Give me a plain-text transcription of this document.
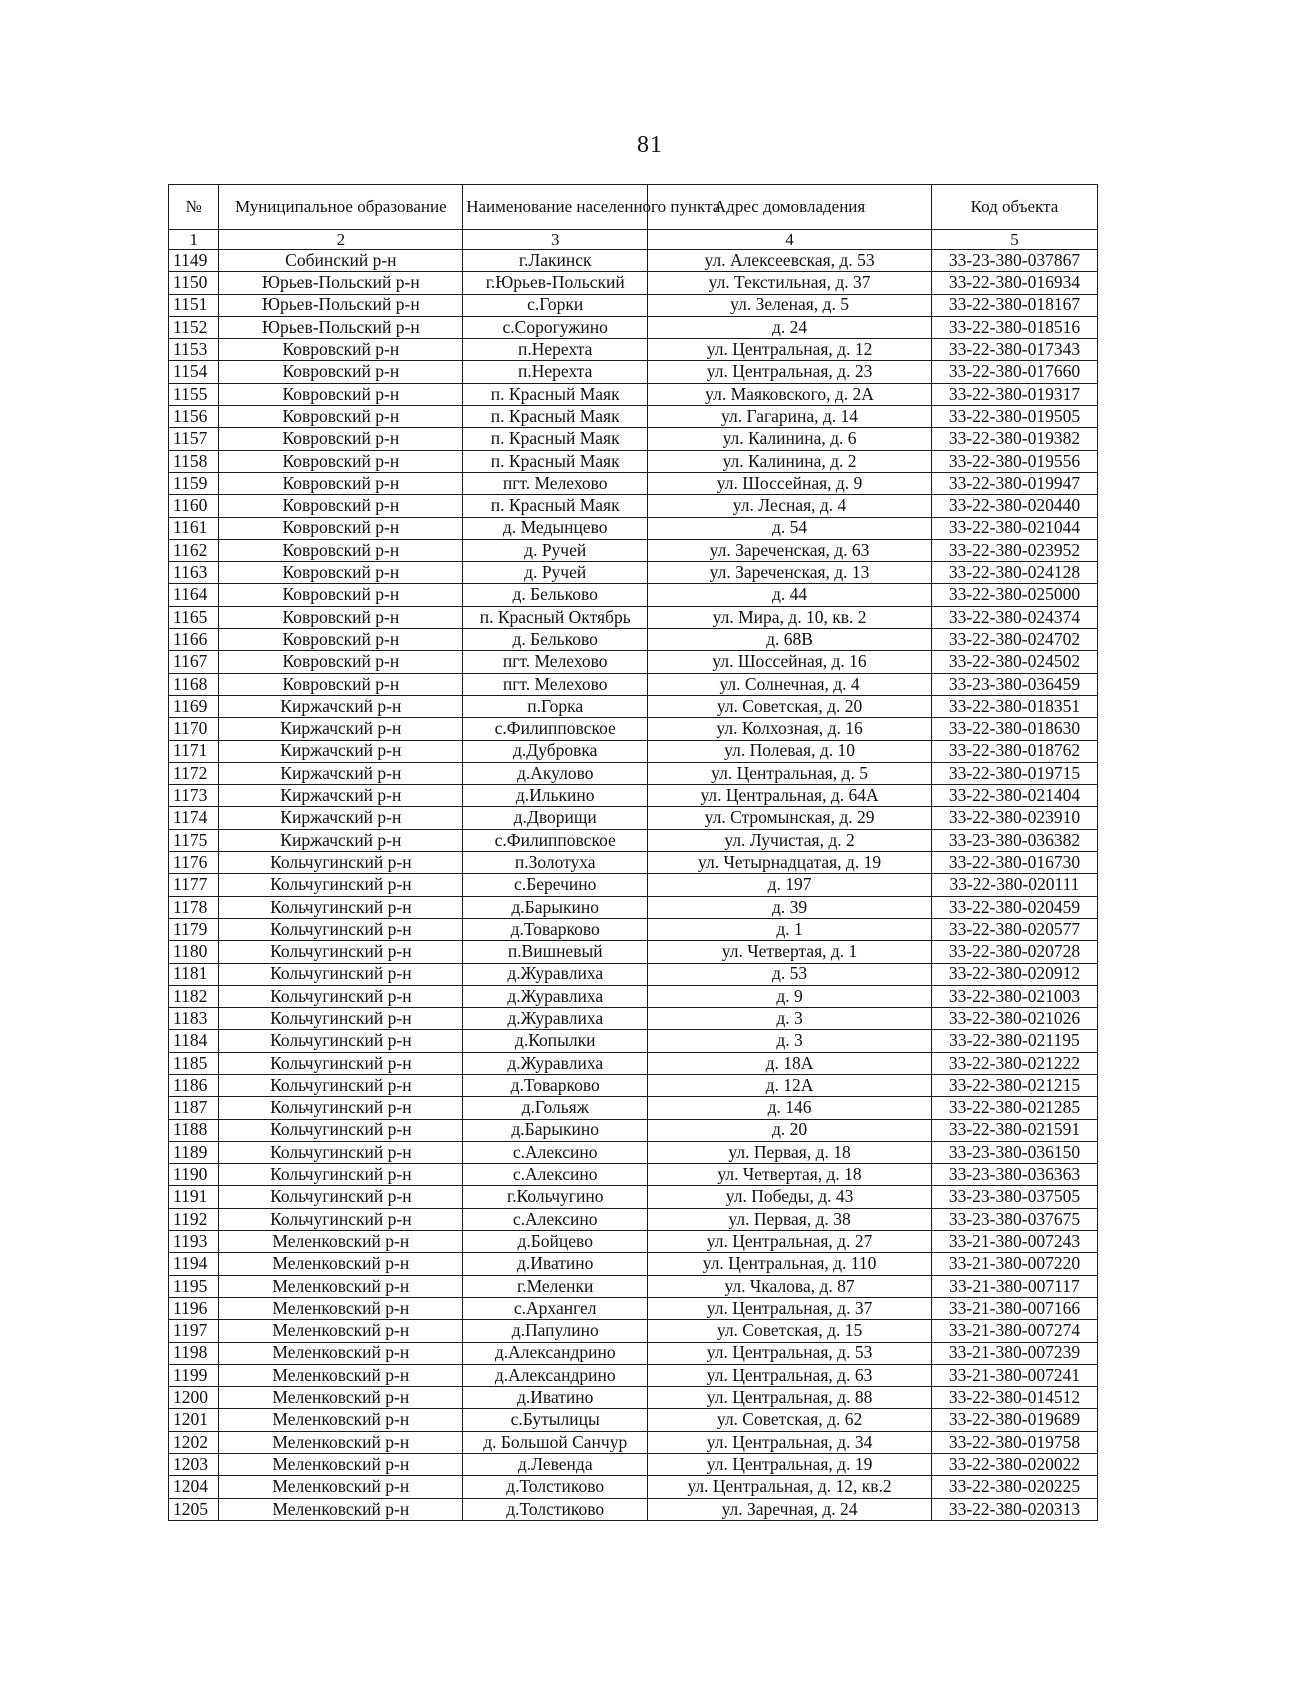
81
№	Муниципальное образование	Наименование населенного пункта	Адрес домовладения	Код объекта
1	2	3	4	5
1149	Собинский р-н	г.Лакинск	ул. Алексеевская, д. 53	33-23-380-037867
1150	Юрьев-Польский р-н	г.Юрьев-Польский	ул. Текстильная, д. 37	33-22-380-016934
1151	Юрьев-Польский р-н	с.Горки	ул. Зеленая, д. 5	33-22-380-018167
1152	Юрьев-Польский р-н	с.Сорогужино	д. 24	33-22-380-018516
1153	Ковровский р-н	п.Нерехта	ул. Центральная, д. 12	33-22-380-017343
1154	Ковровский р-н	п.Нерехта	ул. Центральная, д. 23	33-22-380-017660
1155	Ковровский р-н	п. Красный Маяк	ул. Маяковского, д. 2А	33-22-380-019317
1156	Ковровский р-н	п. Красный Маяк	ул. Гагарина, д. 14	33-22-380-019505
1157	Ковровский р-н	п. Красный Маяк	ул. Калинина, д. 6	33-22-380-019382
1158	Ковровский р-н	п. Красный Маяк	ул. Калинина, д. 2	33-22-380-019556
1159	Ковровский р-н	пгт. Мелехово	ул. Шоссейная, д. 9	33-22-380-019947
1160	Ковровский р-н	п. Красный Маяк	ул. Лесная, д. 4	33-22-380-020440
1161	Ковровский р-н	д. Медынцево	д. 54	33-22-380-021044
1162	Ковровский р-н	д. Ручей	ул. Зареченская, д. 63	33-22-380-023952
1163	Ковровский р-н	д. Ручей	ул. Зареченская, д. 13	33-22-380-024128
1164	Ковровский р-н	д. Бельково	д. 44	33-22-380-025000
1165	Ковровский р-н	п. Красный Октябрь	ул. Мира, д. 10, кв. 2	33-22-380-024374
1166	Ковровский р-н	д. Бельково	д. 68В	33-22-380-024702
1167	Ковровский р-н	пгт. Мелехово	ул. Шоссейная, д. 16	33-22-380-024502
1168	Ковровский р-н	пгт. Мелехово	ул. Солнечная, д. 4	33-23-380-036459
1169	Киржачский р-н	п.Горка	ул. Советская, д. 20	33-22-380-018351
1170	Киржачский р-н	с.Филипповское	ул. Колхозная, д. 16	33-22-380-018630
1171	Киржачский р-н	д.Дубровка	ул. Полевая, д. 10	33-22-380-018762
1172	Киржачский р-н	д.Акулово	ул. Центральная, д. 5	33-22-380-019715
1173	Киржачский р-н	д.Илькино	ул. Центральная, д. 64А	33-22-380-021404
1174	Киржачский р-н	д.Дворищи	ул. Стромынская, д. 29	33-22-380-023910
1175	Киржачский р-н	с.Филипповское	ул. Лучистая, д. 2	33-23-380-036382
1176	Кольчугинский р-н	п.Золотуха	ул. Четырнадцатая, д. 19	33-22-380-016730
1177	Кольчугинский р-н	с.Беречино	д. 197	33-22-380-020111
1178	Кольчугинский р-н	д.Барыкино	д. 39	33-22-380-020459
1179	Кольчугинский р-н	д.Товарково	д. 1	33-22-380-020577
1180	Кольчугинский р-н	п.Вишневый	ул. Четвертая, д. 1	33-22-380-020728
1181	Кольчугинский р-н	д.Журавлиха	д. 53	33-22-380-020912
1182	Кольчугинский р-н	д.Журавлиха	д. 9	33-22-380-021003
1183	Кольчугинский р-н	д.Журавлиха	д. 3	33-22-380-021026
1184	Кольчугинский р-н	д.Копылки	д. 3	33-22-380-021195
1185	Кольчугинский р-н	д.Журавлиха	д. 18А	33-22-380-021222
1186	Кольчугинский р-н	д.Товарково	д. 12А	33-22-380-021215
1187	Кольчугинский р-н	д.Гольяж	д. 146	33-22-380-021285
1188	Кольчугинский р-н	д.Барыкино	д. 20	33-22-380-021591
1189	Кольчугинский р-н	с.Алексино	ул. Первая, д. 18	33-23-380-036150
1190	Кольчугинский р-н	с.Алексино	ул. Четвертая, д. 18	33-23-380-036363
1191	Кольчугинский р-н	г.Кольчугино	ул. Победы, д. 43	33-23-380-037505
1192	Кольчугинский р-н	с.Алексино	ул. Первая, д. 38	33-23-380-037675
1193	Меленковский р-н	д.Бойцево	ул. Центральная, д. 27	33-21-380-007243
1194	Меленковский р-н	д.Иватино	ул. Центральная, д. 110	33-21-380-007220
1195	Меленковский р-н	г.Меленки	ул. Чкалова, д. 87	33-21-380-007117
1196	Меленковский р-н	с.Архангел	ул. Центральная, д. 37	33-21-380-007166
1197	Меленковский р-н	д.Папулино	ул. Советская, д. 15	33-21-380-007274
1198	Меленковский р-н	д.Александрино	ул. Центральная, д. 53	33-21-380-007239
1199	Меленковский р-н	д.Александрино	ул. Центральная, д. 63	33-21-380-007241
1200	Меленковский р-н	д.Иватино	ул. Центральная, д. 88	33-22-380-014512
1201	Меленковский р-н	с.Бутылицы	ул. Советская, д. 62	33-22-380-019689
1202	Меленковский р-н	д. Большой Санчур	ул. Центральная, д. 34	33-22-380-019758
1203	Меленковский р-н	д.Левенда	ул. Центральная, д. 19	33-22-380-020022
1204	Меленковский р-н	д.Толстиково	ул. Центральная, д. 12, кв.2	33-22-380-020225
1205	Меленковский р-н	д.Толстиково	ул. Заречная, д. 24	33-22-380-020313
